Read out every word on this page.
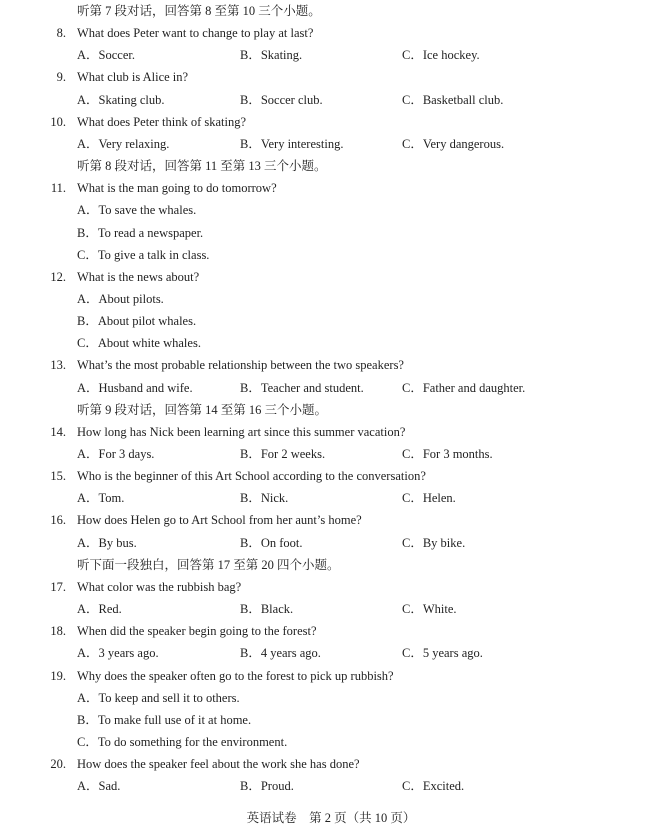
听第 7 段对话，回答第 8 至第 10 三个小题。
8. What does Peter want to change to play at last?
A．Soccer.	B．Skating.	C．Ice hockey.
9. What club is Alice in?
A．Skating club.	B．Soccer club.	C．Basketball club.
10. What does Peter think of skating?
A．Very relaxing.	B．Very interesting.	C．Very dangerous.
听第 8 段对话，回答第 11 至第 13 三个小题。
11. What is the man going to do tomorrow?
A．To save the whales.
B．To read a newspaper.
C．To give a talk in class.
12. What is the news about?
A．About pilots.
B．About pilot whales.
C．About white whales.
13. What’s the most probable relationship between the two speakers?
A．Husband and wife.	B．Teacher and student.	C．Father and daughter.
听第 9 段对话，回答第 14 至第 16 三个小题。
14. How long has Nick been learning art since this summer vacation?
A．For 3 days.	B．For 2 weeks.	C．For 3 months.
15. Who is the beginner of this Art School according to the conversation?
A．Tom.	B．Nick.	C．Helen.
16. How does Helen go to Art School from her aunt’s home?
A．By bus.	B．On foot.	C．By bike.
听下面一段独白，回答第 17 至第 20 四个小题。
17. What color was the rubbish bag?
A．Red.	B．Black.	C．White.
18. When did the speaker begin going to the forest?
A．3 years ago.	B．4 years ago.	C．5 years ago.
19. Why does the speaker often go to the forest to pick up rubbish?
A．To keep and sell it to others.
B．To make full use of it at home.
C．To do something for the environment.
20. How does the speaker feel about the work she has done?
A．Sad.	B．Proud.	C．Excited.
英语试卷　第 2 页（共 10 页）
